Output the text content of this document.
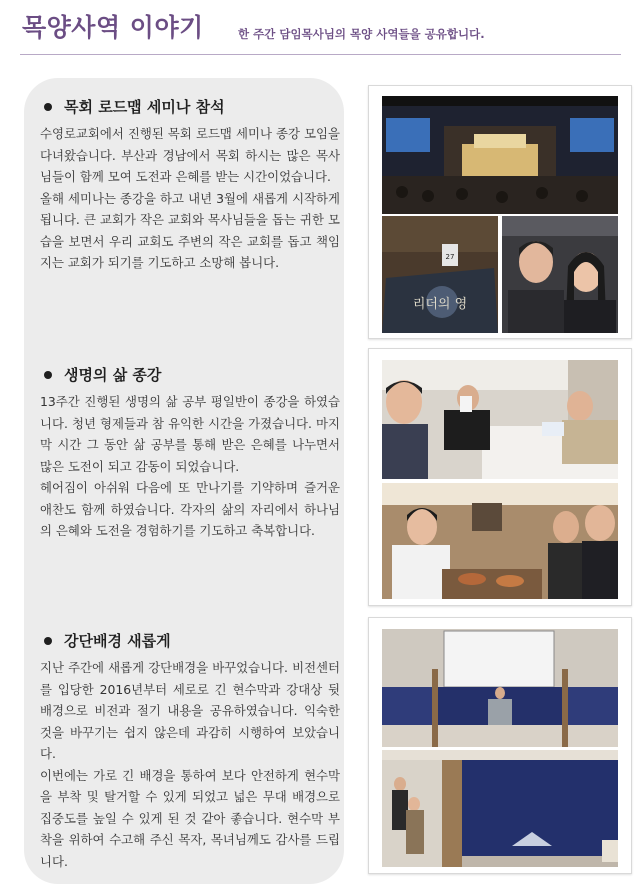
목양사역 이야기	한 주간 담임목사님의 목양 사역들을 공유합니다.
목회 로드맵 세미나 참석

수영로교회에서 진행된 목회 로드맵 세미나 종강 모임을 다녀왔습니다. 부산과 경남에서 목회 하시는 많은 목사님들이 함께 모여 도전과 은혜를 받는 시간이었습니다.

올해 세미나는 종강을 하고 내년 3월에 새롭게 시작하게 됩니다. 큰 교회가 작은 교회와 목사님들을 돕는 귀한 모습을 보면서 우리 교회도 주변의 작은 교회를 돕고 책임지는 교회가 되기를 기도하고 소망해 봅니다.

생명의 삶 종강

13주간 진행된 생명의 삶 공부 평일반이 종강을 하였습니다. 청년 형제들과 참 유익한 시간을 가졌습니다. 마지막 시간 그 동안 삶 공부를 통해 받은 은혜를 나누면서 많은 도전이 되고 감동이 되었습니다.

헤어짐이 아쉬워 다음에 또 만나기를 기약하며 즐거운 애찬도 함께 하였습니다. 각자의 삶의 자리에서 하나님의 은혜와 도전을 경험하기를 기도하고 축복합니다.

강단배경 새롭게

지난 주간에 새롭게 강단배경을 바꾸었습니다. 비전센터를 입당한 2016년부터 세로로 긴 현수막과 강대상 뒷 배경으로 비전과 절기 내용을 공유하였습니다. 익숙한 것을 바꾸기는 쉽지 않은데 과감히 시행하여 보았습니다.

이번에는 가로 긴 배경을 통하여 보다 안전하게 현수막을 부착 및 탈거할 수 있게 되었고 넓은 무대 배경으로 집중도를 높일 수 있게 된 것 같아 좋습니다. 현수막 부착을 위하여 수고해 주신 목자, 목녀님께도 감사를 드립니다.

27
리더의 영
